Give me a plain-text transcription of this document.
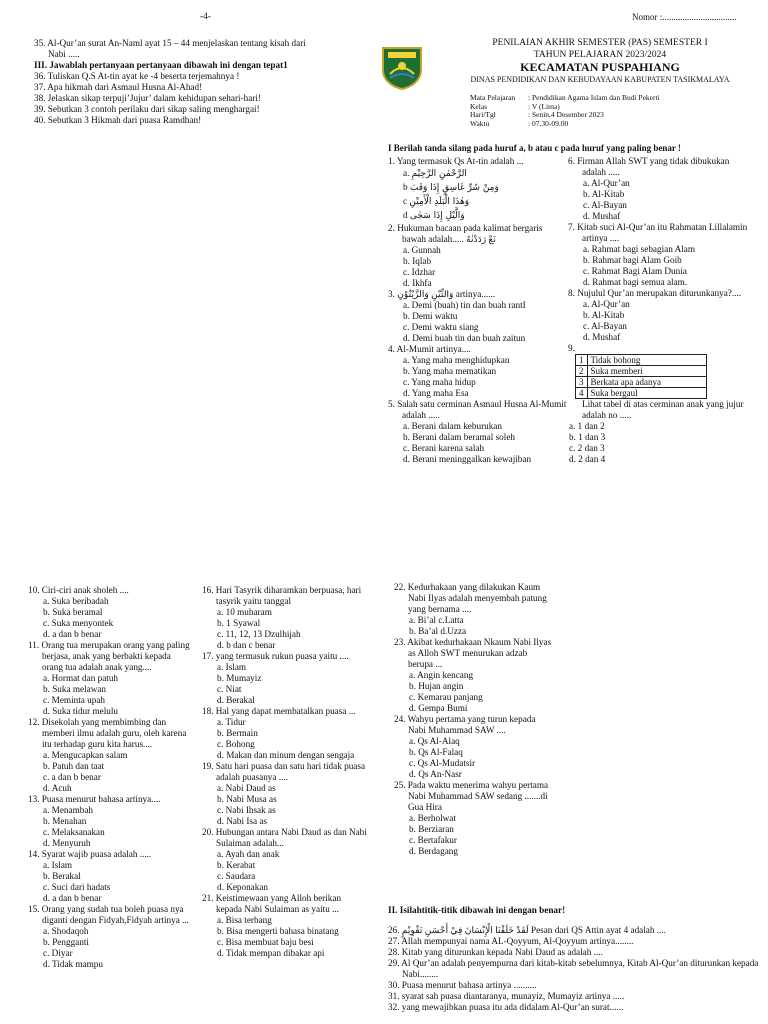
-4-	Nomor :.................................
35. Al-Qur’an surat An-Naml ayat 15 – 44 menjelaskan tentang kisah dari Nabi .....
III. Jawablah pertanyaan pertanyaan dibawah ini dengan tepat1
36. Tuliskan Q.S At-tin ayat ke -4 beserta terjemahnya !
37. Apa hikmah dari Asmaul Husna Al-Ahad!
38. Jelaskan sikap terpuji’Jujur’ dalam kehidupan sehari-hari!
39. Sebutkan 3 contoh perilaku dari sikap saling menghargai!
40. Sebutkan 3 Hikmah dari puasa Ramdhan!
PENILAIAN AKHIR SEMESTER (PAS) SEMESTER I
TAHUN PELAJARAN 2023/2024
KECAMATAN PUSPAHIANG
DINAS PENDIDIKAN DAN KEBUDAYAAN KABUPATEN TASIKMALAYA
Mata Pelajaran : Pendidikan Agama Islam dan Budi Pekerti
Kelas	: V (Lima)
Hari/Tgl	: Senin,4 Desember 2023
Waktu	: 07.30-09.00
I Berilah tanda silang pada huruf a, b atau c pada huruf yang paling benar !
1. Yang termasuk Qs At-tin adalah ...
a. الرَّحْمٰنِ الرَّحِيْمِ
b وَمِنْ شَرِّ غَاسِقٍ إِذَا وَقَبَ
c وَهٰذَا الْبَلَدِ الْأَمِيْنِ
d وَالَّيْلِ إِذَا سَجٰى
2. Hukuman bacaan pada kalimat bergaris bawah adalah..... نَعْ رَدَدْنٰهُ
a. Gunnah
b. Iqlab
c. Idzhar
d. Ikhfa
3. وَالتِّيْنِ وَالزَّيْتُوْنِ artinya......
a. Demi (buah) tin dan buah rantI
b. Demi waktu
c. Demi waktu siang
d. Demi buah tin dan buah zaitun
4. Al-Mumit artinya....
a. Yang maha menghidupkan
b. Yang maha mematikan
c. Yang maha hidup
d. Yang maha Esa
5. Salah satu cerminan Asmaul Husna Al-Mumit adalah .....
a. Berani dalam keburukan
b. Berani dalam beramal soleh
c. Berani karena salah
d. Berani meninggalkan kewajiban
6. Firman Allah SWT yang tidak dibukukan adalah .....
a. Al-Qur’an
b. Al-Kitab
c. Al-Bayan
d. Mushaf
7. Kitab suci Al-Qur’an itu Rahmatan Lillalamin artinya ....
a. Rahmat bagi sebagian Alam
b. Rahmat bagi Alam Goib
c. Rahmat Bagi Alam Dunia
d. Rahmat bagi semua alam.
8. Nujulul Qur’an merupakan diturunkanya?....
a. Al-Qur’an
b. Al-Kitab
c. Al-Bayan
d. Mushaf
9.
1	Tidak bohong
2	Suka memberi
3	Berkata apa adanya
4	Suka bergaul
Lihat tabel di atas cerminan anak yang jujur adalah no .....
a. 1 dan 2
b. 1 dan 3
c. 2 dan 3
d. 2 dan 4
10. Ciri-ciri anak sholeh ....
a. Suka beribadah
b. Suka beramal
c. Suka menyontek
d. a dan b benar
11. Orang tua merupakan orang yang paling berjasa, anak yang berbakti kepada orang tua adalah anak yang....
a. Hormat dan patuh
b. Suka melawan
c. Meminta upah
d. Suka tidur melulu
12. Disekolah yang membimbing dan memberi ilmu adalah guru, oleh karena itu terhadap guru kita harus....
a. Mengucapkan salam
b. Patuh dan taat
c. a dan b benar
d. Acuh
13. Puasa menurut bahasa artinya....
a. Menambah
b. Menahan
c. Melaksanakan
d. Menyuruh
14. Syarat wajib puasa adalah .....
a. Islam
b. Berakal
c. Suci dari hadats
d. a dan b benar
15. Orang yang sudah tua boleh puasa nya diganti dengan Fidyah,Fidyah artinya ...
a. Shodaqoh
b. Pengganti
c. Diyar
d. Tidak mampu
16. Hari Tasyrik diharamkan berpuasa, hari tasyrik yaitu tanggal
a. 10 muharam
b. 1 Syawal
c. 11, 12, 13 Dzulhijah
d. b dan c benar
17. yang termasuk rukun puasa yaitu ....
a. Islam
b. Mumayiz
c. Niat
d. Berakal
18. Hal yang dapat membatalkan puasa ...
a. Tidur
b. Bermain
c. Bohong
d. Makan dan minum dengan sengaja
19. Satu hari puasa dan satu hari tidak puasa adalah puasanya ....
a. Nabi Daud as
b. Nabi Musa as
c. Nabi Ihsak as
d. Nabi Isa as
20. Hubungan antara Nabi Daud as dan Nabi Sulaiman adalah...
a. Ayah dan anak
b. Kerabat
c. Saudara
d. Keponakan
21. Keistimewaan yang Alloh berikan kepada Nabi Sulaiman as yaitu ...
a. Bisa terbang
b. Bisa mengerti bahasa binatang
c. Bisa membuat baju besi
d. Tidak mempan dibakar api
22. Kedurhakaan yang dilakukan Kaum Nabi Ilyas adalah menyembah patung yang bernama ....
a. Bi’al c.Latta
b. Ba’al d.Uzza
23. Akibat kedurhakaan Nkaum Nabi Ilyas as Alloh SWT menurukan adzab berupa ...
a. Angin kencang
b. Hujan angin
c. Kemarau panjang
d. Gempa Bumi
24. Wahyu pertama yang turun kepada Nabi Muhammad SAW ....
a. Qs Al-Alaq
b. Qs Al-Falaq
c. Qs Al-Mudatsir
d. Qs An-Nasr
25. Pada waktu menerima wahyu pertama Nabi Muhammad SAW sedang .......di Gua Hira
a. Berholwat
b. Berziaran
c. Bertafakur
d. Berdagang
II. Isilahtitik-titik dibawah ini dengan benar!
26. لَقَدْ خَلَقْنَا الْإِنْسَانَ فِيْ أَحْسَنِ تَقْوِيْمٍ Pesan dari QS Attin ayat 4 adalah ....
27. Allah mempunyai nama AL-Qoyyum, Al-Qoyyum artinya........
28. Kitab yang diturunkan kepada Nabi Daud as adalah ....
29. Al Qur’an adalah penyempurna dari kitab-kitab sebelumnya, Kitab Al-Qur’an diturunkan kepada Nabi........
30. Puasa menurut bahasa artinya ..........
31. syarat sah puasa diantaranya, munayiz, Mumayiz artinya .....
32. yang mewajibkan puasa itu ada didalam Al-Qur’an surat......
